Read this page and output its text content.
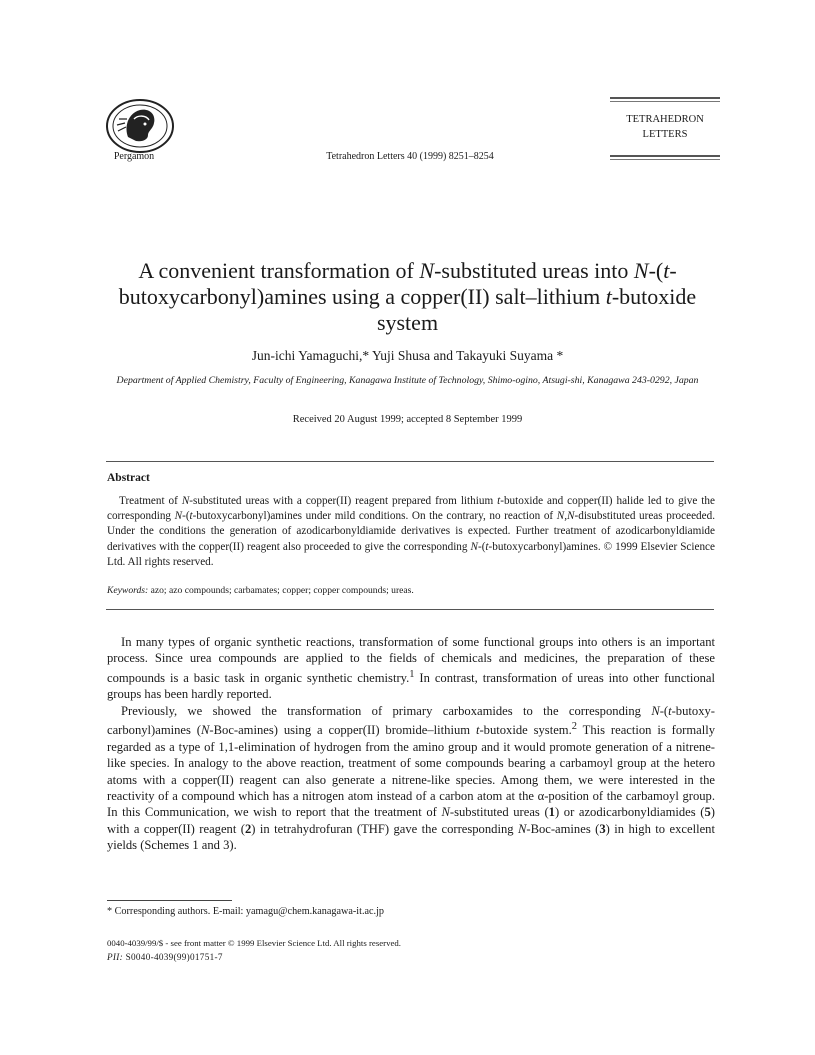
Pergamon	Tetrahedron Letters 40 (1999) 8251–8254
TETRAHEDRON
LETTERS
A convenient transformation of N-substituted ureas into N-(t-butoxycarbonyl)amines using a copper(II) salt–lithium t-butoxide system
Jun-ichi Yamaguchi,* Yuji Shusa and Takayuki Suyama *
Department of Applied Chemistry, Faculty of Engineering, Kanagawa Institute of Technology, Shimo-ogino, Atsugi-shi, Kanagawa 243-0292, Japan
Received 20 August 1999; accepted 8 September 1999
Abstract
Treatment of N-substituted ureas with a copper(II) reagent prepared from lithium t-butoxide and copper(II) halide led to give the corresponding N-(t-butoxycarbonyl)amines under mild conditions. On the contrary, no reaction of N,N-disubstituted ureas proceeded. Under the conditions the generation of azodicarbonyldiamide derivatives is expected. Further treatment of azodicarbonyldiamide derivatives with the copper(II) reagent also proceeded to give the corresponding N-(t-butoxycarbonyl)amines. © 1999 Elsevier Science Ltd. All rights reserved.
Keywords: azo; azo compounds; carbamates; copper; copper compounds; ureas.

In many types of organic synthetic reactions, transformation of some functional groups into others is an important process. Since urea compounds are applied to the fields of chemicals and medicines, the preparation of these compounds is a basic task in organic synthetic chemistry.$^1$ In contrast, transformation of ureas into other functional groups has been hardly reported.

Previously, we showed the transformation of primary carboxamides to the corresponding N-(t-butoxycarbonyl)amines (N-Boc-amines) using a copper(II) bromide–lithium t-butoxide system.$^2$ This reaction is formally regarded as a type of 1,1-elimination of hydrogen from the amino group and it would promote generation of a nitrene-like species. In analogy to the above reaction, treatment of some compounds bearing a carbamoyl group at the hetero atoms with a copper(II) reagent can also generate a nitrene-like species. Among them, we were interested in the reactivity of a compound which has a nitrogen atom instead of a carbon atom at the α-position of the carbamoyl group. In this Communication, we wish to report that the treatment of N-substituted ureas (1) or azodicarbonyldiamides (5) with a copper(II) reagent (2) in tetrahydrofuran (THF) gave the corresponding N-Boc-amines (3) in high to excellent yields (Schemes 1 and 3).

* Corresponding authors. E-mail: yamagu@chem.kanagawa-it.ac.jp
0040-4039/99/$ - see front matter © 1999 Elsevier Science Ltd. All rights reserved.
PII: S0040-4039(99)01751-7
